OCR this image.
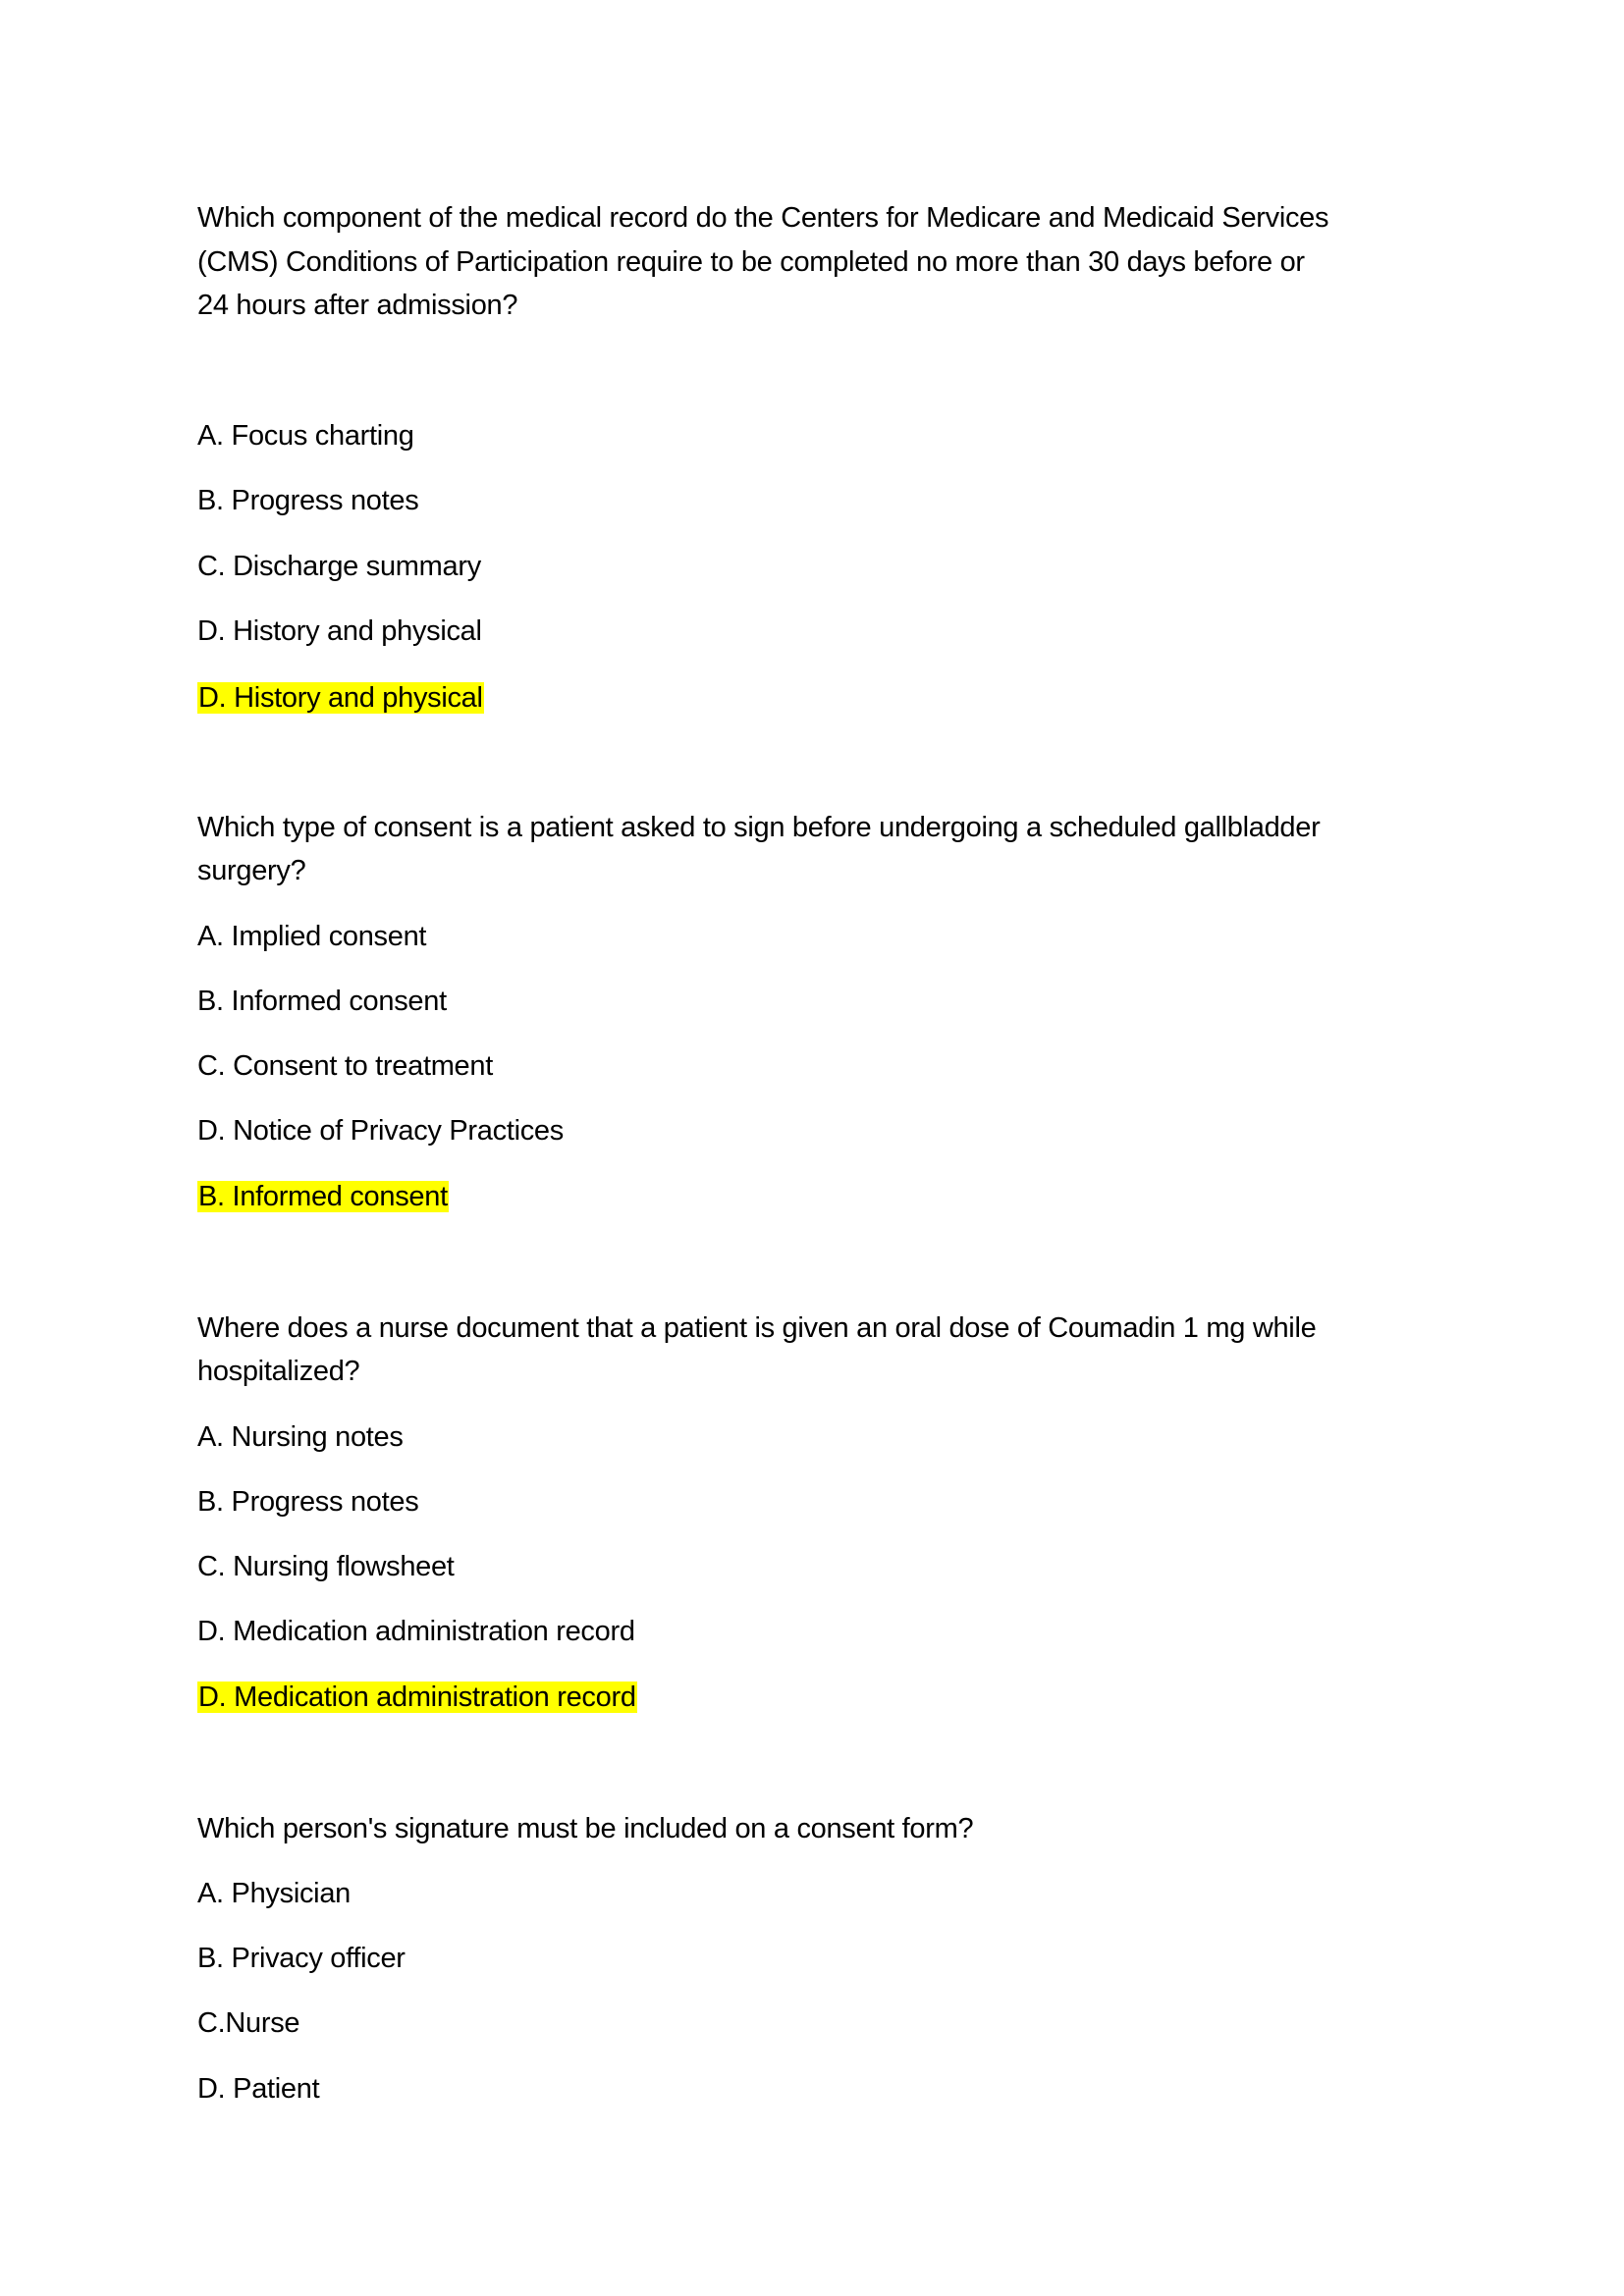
Which component of the medical record do the Centers for Medicare and Medicaid Services
(CMS) Conditions of Participation require to be completed no more than 30 days before or
24 hours after admission?
A. Focus charting
B. Progress notes
C. Discharge summary
D. History and physical
D. History and physical
Which type of consent is a patient asked to sign before undergoing a scheduled gallbladder
surgery?
A. Implied consent
B. Informed consent
C. Consent to treatment
D. Notice of Privacy Practices
B. Informed consent
Where does a nurse document that a patient is given an oral dose of Coumadin 1 mg while
hospitalized?
A. Nursing notes
B. Progress notes
C. Nursing flowsheet
D. Medication administration record
D. Medication administration record
Which person's signature must be included on a consent form?
A. Physician
B. Privacy officer
C.Nurse
D. Patient
